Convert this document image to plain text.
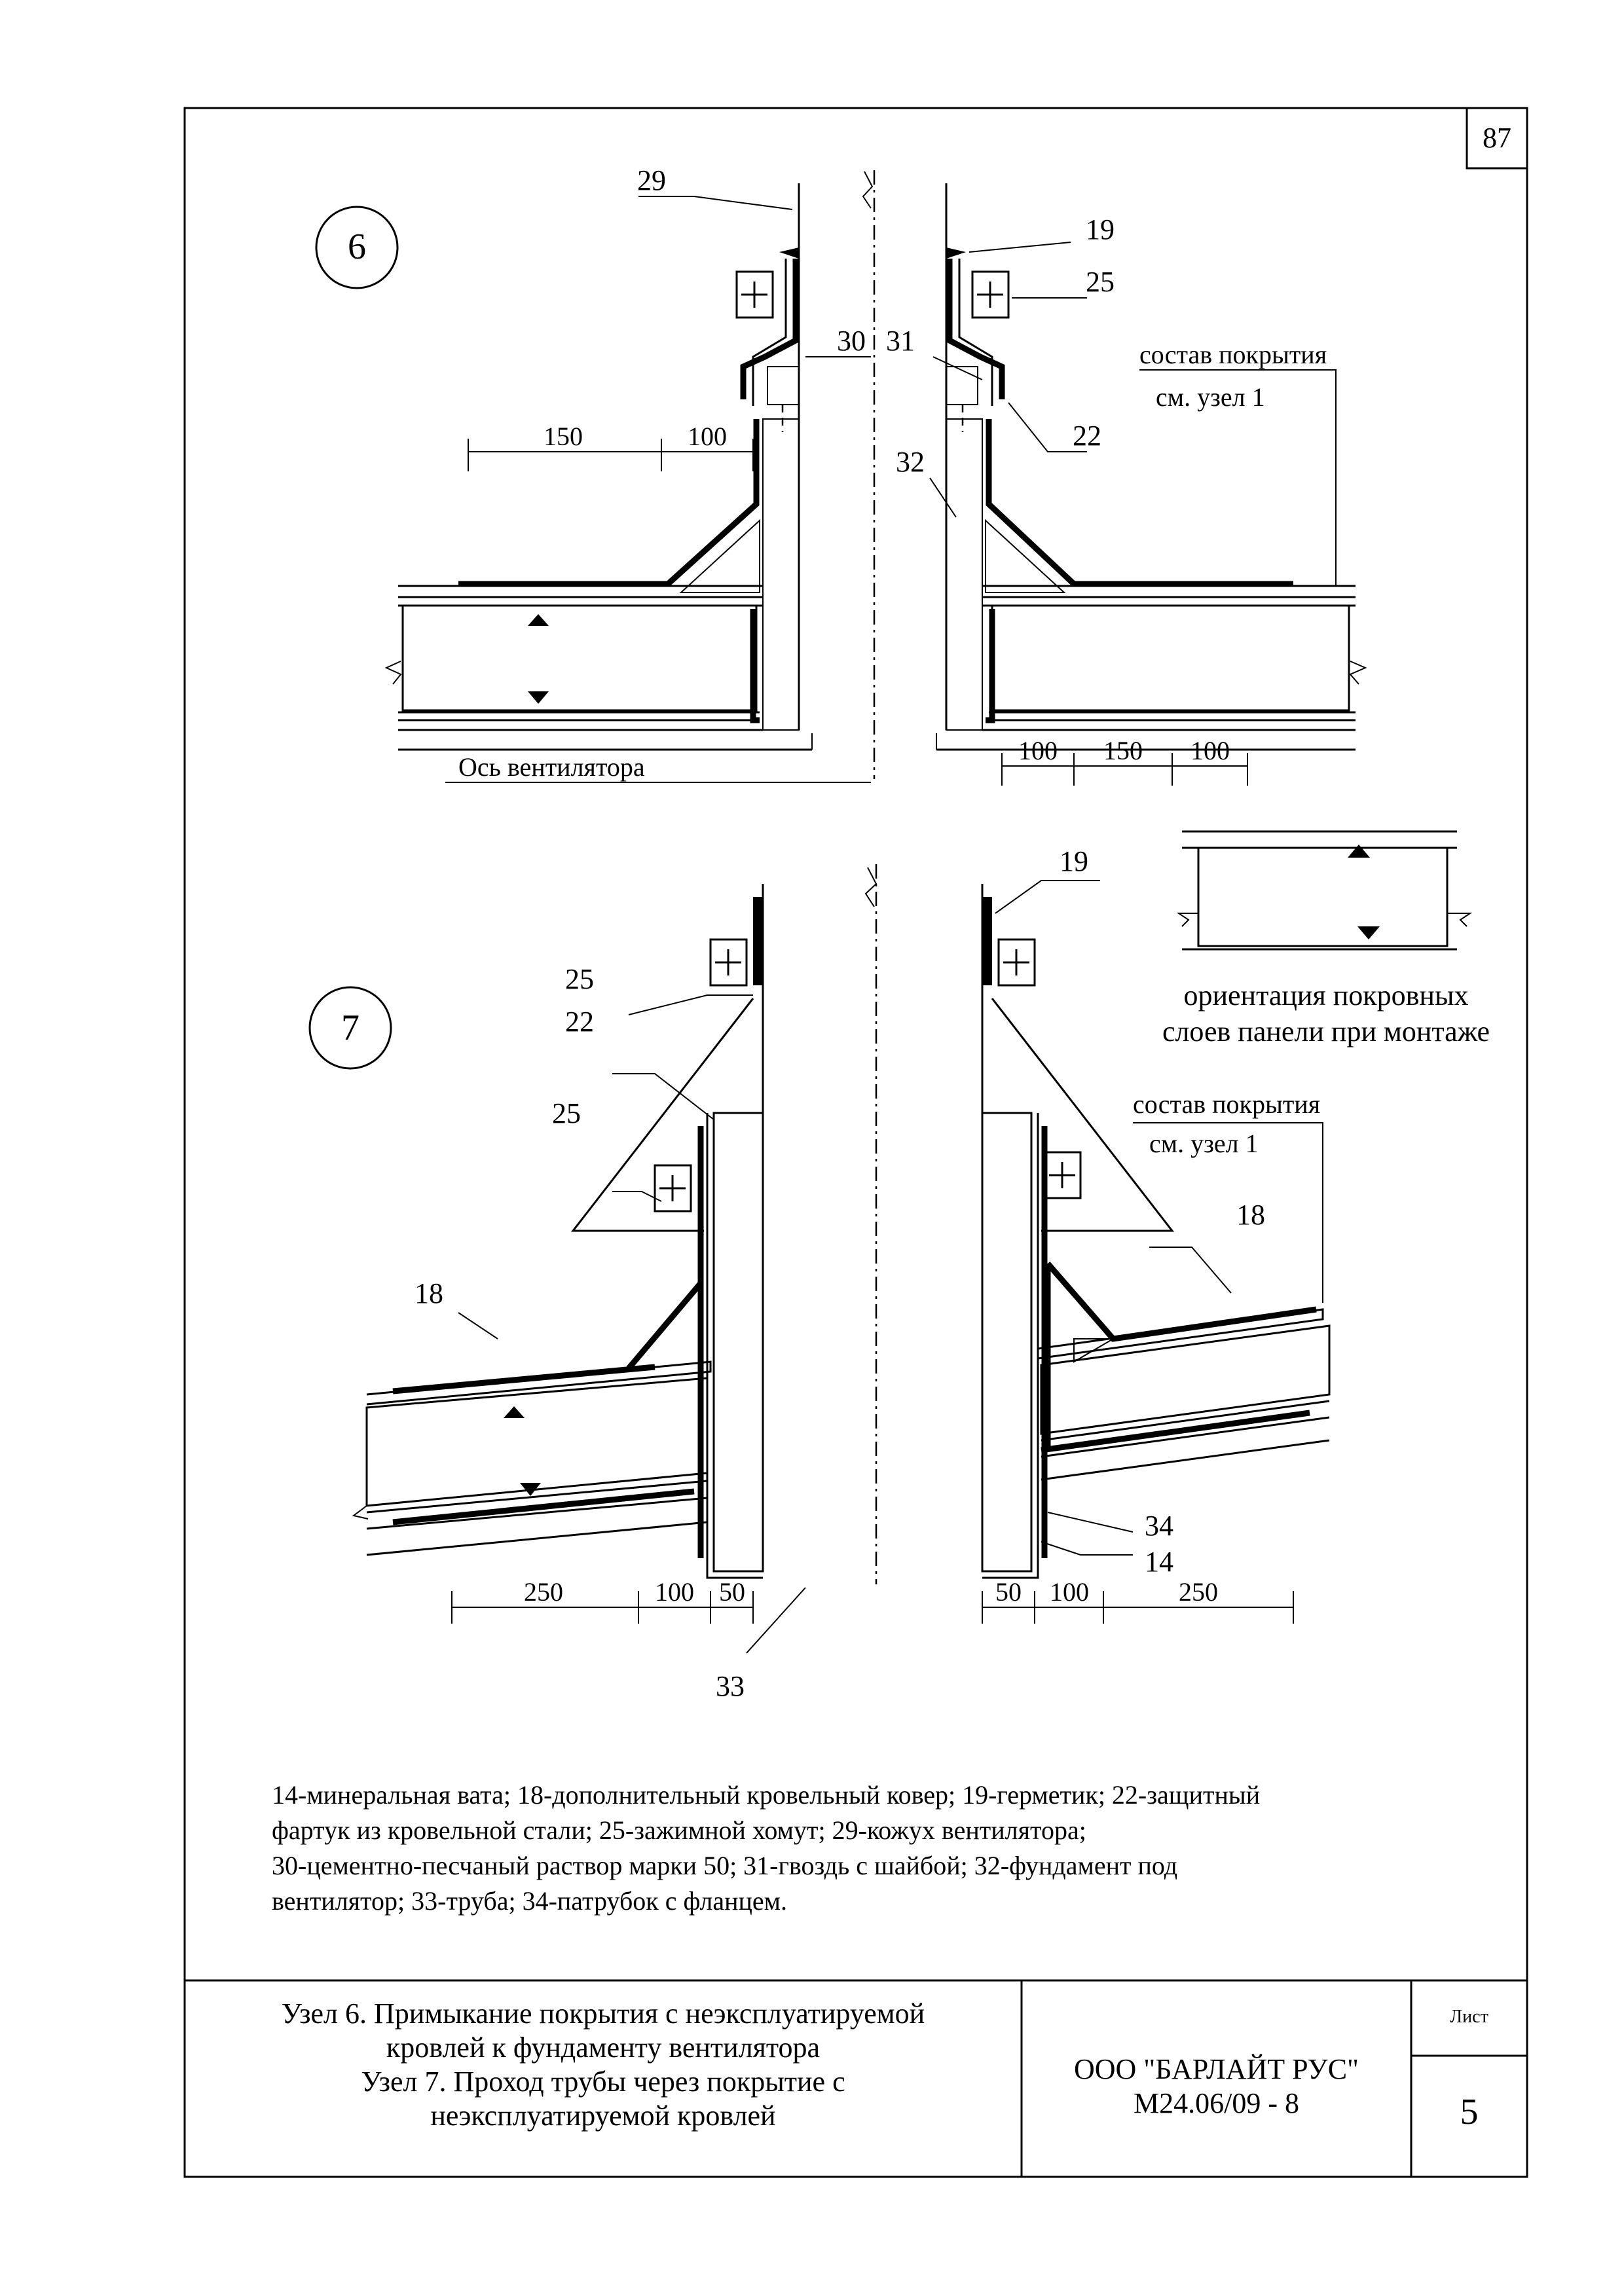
87
6
29
19
25
30 31
22
32
состав покрытия
см. узел 1
Ось вентилятора
150	100
100 150 100
ориентация покровных
слоев панели при монтаже
7
19
25
22
25
18
18
34
14
33
состав покрытия
см. узел 1
250	100 50	50 100	250
14-минеральная вата; 18-дополнительный кровельный ковер; 19-герметик; 22-защитный
фартук из кровельной стали; 25-зажимной хомут; 29-кожух вентилятора;
30-цементно-песчаный раствор марки 50; 31-гвоздь с шайбой; 32-фундамент под
вентилятор; 33-труба; 34-патрубок с фланцем.
Узел 6. Примыкание покрытия с неэксплуатируемой
кровлей к фундаменту вентилятора
Узел 7. Проход трубы через покрытие с
неэксплуатируемой кровлей
ООО "БАРЛАЙТ РУС"
М24.06/09 - 8
Лист
5
